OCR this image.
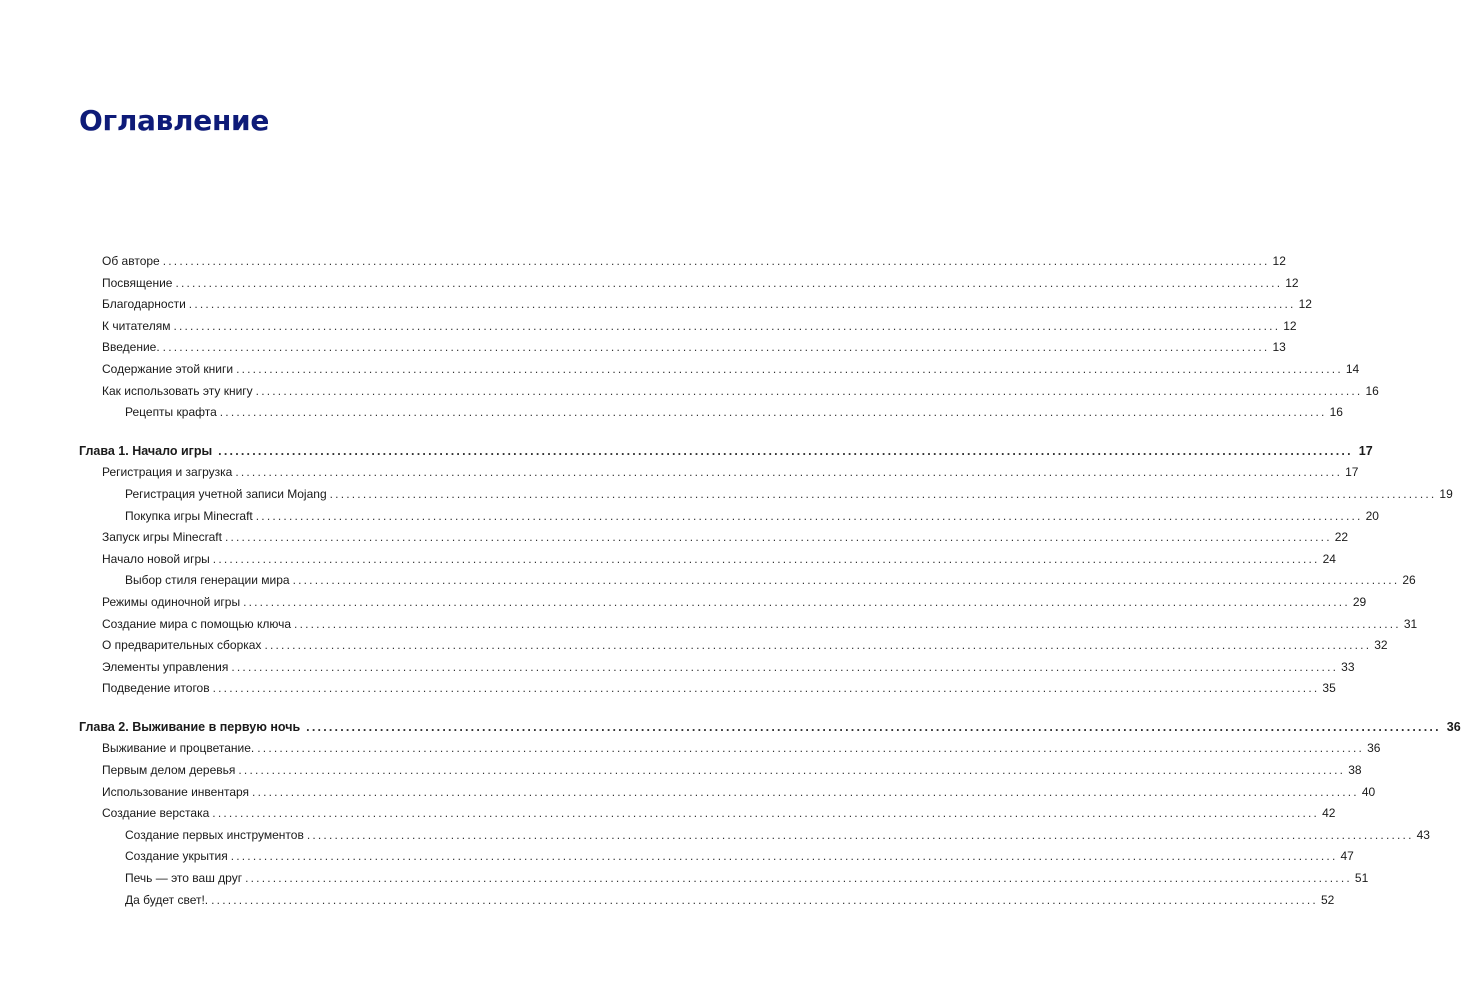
Оглавление
Об авторе ........................................................................................................................................................................................................ 12
Посвящение ........................................................................................................................................................................................................ 12
Благодарности ........................................................................................................................................................................................................ 12
К читателям ........................................................................................................................................................................................................ 12
Введение. ........................................................................................................................................................................................................ 13
Содержание этой книги ........................................................................................................................................................................................................ 14
Как использовать эту книгу ........................................................................................................................................................................................................ 16
Рецепты крафта ........................................................................................................................................................................................................ 16
Глава 1. Начало игры ........................................................................................................................................................................................................ 17
Регистрация и загрузка ........................................................................................................................................................................................................ 17
Регистрация учетной записи Mojang ........................................................................................................................................................................................................ 19
Покупка игры Minecraft ........................................................................................................................................................................................................ 20
Запуск игры Minecraft ........................................................................................................................................................................................................ 22
Начало новой игры ........................................................................................................................................................................................................ 24
Выбор стиля генерации мира ........................................................................................................................................................................................................ 26
Режимы одиночной игры ........................................................................................................................................................................................................ 29
Создание мира с помощью ключа ........................................................................................................................................................................................................ 31
О предварительных сборках ........................................................................................................................................................................................................ 32
Элементы управления ........................................................................................................................................................................................................ 33
Подведение итогов ........................................................................................................................................................................................................ 35
Глава 2. Выживание в первую ночь ........................................................................................................................................................................................................ 36
Выживание и процветание. ........................................................................................................................................................................................................ 36
Первым делом деревья ........................................................................................................................................................................................................ 38
Использование инвентаря ........................................................................................................................................................................................................ 40
Создание верстака ........................................................................................................................................................................................................ 42
Создание первых инструментов ........................................................................................................................................................................................................ 43
Создание укрытия ........................................................................................................................................................................................................ 47
Печь — это ваш друг ........................................................................................................................................................................................................ 51
Да будет свет!. ........................................................................................................................................................................................................ 52
